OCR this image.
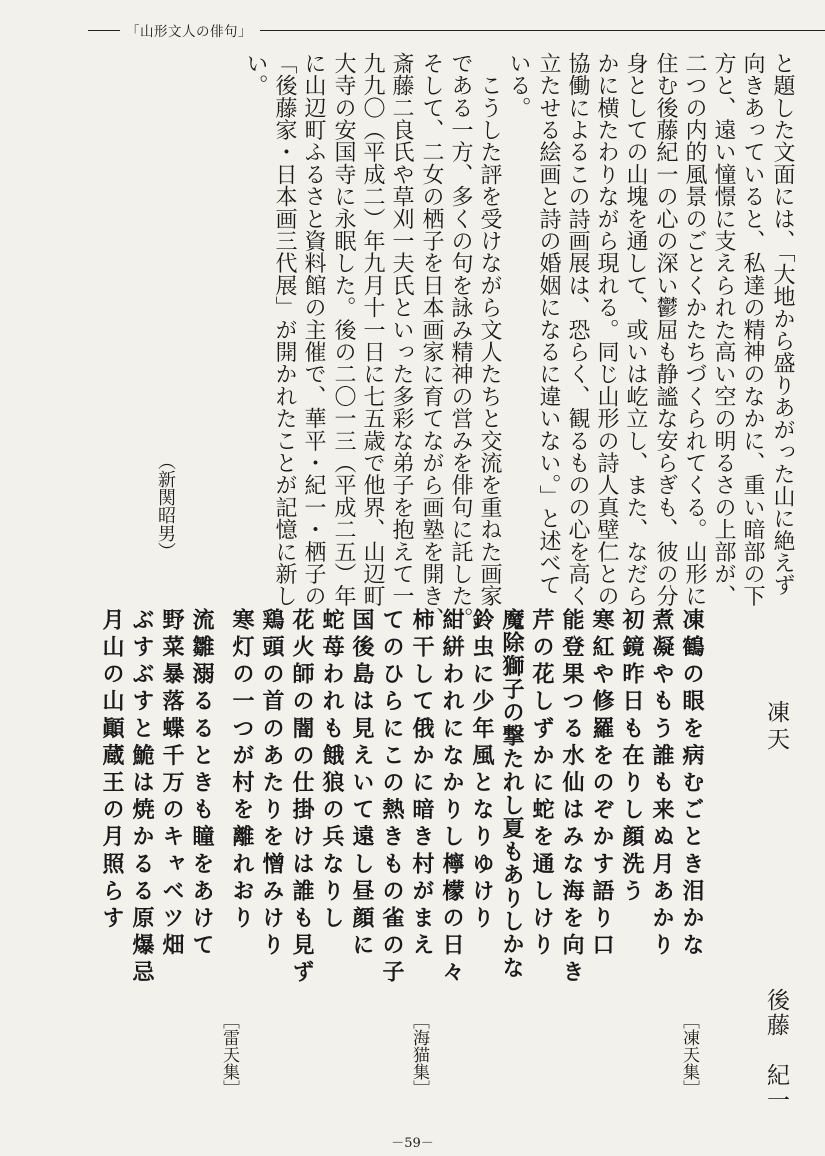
「山形文人の俳句」
と題した文面には、「大地から盛りあがった山に絶えず
向きあっていると、私達の精神のなかに、重い暗部の下
方と、遠い憧憬に支えられた高い空の明るさの上部が、
二つの内的風景のごとくかたちづくられてくる。山形に
住む後藤紀一の心の深い鬱屈も静謐な安らぎも、彼の分
身としての山塊を通して、或いは屹立し、また、なだら
かに横たわりながら現れる。同じ山形の詩人真壁仁との
協働によるこの詩画展は、恐らく、観るものの心を高く
立たせる絵画と詩の婚姻になるに違いない。」と述べて
いる。
　こうした評を受けながら文人たちと交流を重ねた画家
である一方、多くの句を詠み精神の営みを俳句に託した。
そして、二女の栖子を日本画家に育てながら画塾を開き、
斎藤二良氏や草刈一夫氏といった多彩な弟子を抱えて一
九九〇（平成二）年九月十一日に七五歳で他界、山辺町
大寺の安国寺に永眠した。後の二〇一三（平成二五）年
に山辺町ふるさと資料館の主催で、華平・紀一・栖子の
「後藤家・日本画三代展」が開かれたことが記憶に新し
い。
（新関昭男）
凍天
後藤　紀一
凍鶴の眼を病むごとき泪かな
煮凝やもう誰も来ぬ月あかり
初鏡昨日も在りし顔洗う
寒紅や修羅をのぞかす語り口
能登果つる水仙はみな海を向き
芹の花しずかに蛇を通しけり
魔除獅子の撃たれし夏もありしかな
鈴虫に少年風となりゆけり
紺絣われになかりし檸檬の日々
柿干して俄かに暗き村がまえ
てのひらにこの熱きもの雀の子
国後島は見えいて遠し昼顔に
蛇苺われも餓狼の兵なりし
花火師の闇の仕掛けは誰も見ず
鶏頭の首のあたりを憎みけり
寒灯の一つが村を離れおり
流雛溺るるときも瞳をあけて
野菜暴落蝶千万のキャベツ畑
ぶすぶすと鮠は焼かるる原爆忌
月山の山顚蔵王の月照らす
［凍天集］
［海猫集］
［雷天集］
－59－
